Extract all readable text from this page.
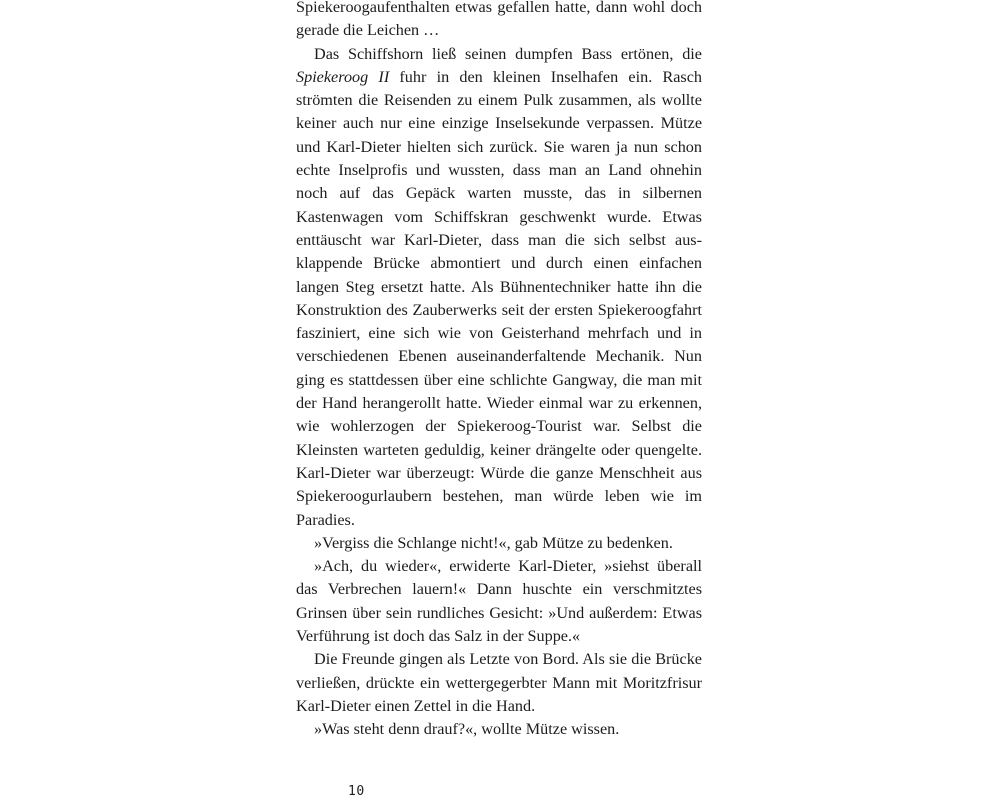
Spiekeroogaufenthalten etwas gefallen hatte, dann wohl doch gerade die Leichen …

Das Schiffshorn ließ seinen dumpfen Bass ertönen, die Spiekeroog II fuhr in den kleinen Inselhafen ein. Rasch strömten die Reisenden zu einem Pulk zusammen, als wollte keiner auch nur eine einzige Inselsekunde verpassen. Mütze und Karl-Dieter hielten sich zurück. Sie waren ja nun schon echte Inselprofis und wussten, dass man an Land ohnehin noch auf das Gepäck warten musste, das in silbernen Kastenwagen vom Schiffskran geschwenkt wurde. Etwas enttäuscht war Karl-Dieter, dass man die sich selbst ausklappende Brücke abmontiert und durch einen einfachen langen Steg ersetzt hatte. Als Bühnentechniker hatte ihn die Konstruktion des Zauberwerks seit der ersten Spiekeroogfahrt fasziniert, eine sich wie von Geisterhand mehrfach und in verschiedenen Ebenen auseinanderfaltende Mechanik. Nun ging es stattdessen über eine schlichte Gangway, die man mit der Hand herangerollt hatte. Wieder einmal war zu erkennen, wie wohlerzogen der Spiekeroog-Tourist war. Selbst die Kleinsten warteten geduldig, keiner drängelte oder quengelte. Karl-Dieter war überzeugt: Würde die ganze Menschheit aus Spiekeroogurlaubern bestehen, man würde leben wie im Paradies.

»Vergiss die Schlange nicht!«, gab Mütze zu bedenken.

»Ach, du wieder«, erwiderte Karl-Dieter, »siehst überall das Verbrechen lauern!« Dann huschte ein verschmitztes Grinsen über sein rundliches Gesicht: »Und außerdem: Etwas Verführung ist doch das Salz in der Suppe.«

Die Freunde gingen als Letzte von Bord. Als sie die Brücke verließen, drückte ein wettergegerbter Mann mit Moritzfrisur Karl-Dieter einen Zettel in die Hand.

»Was steht denn drauf?«, wollte Mütze wissen.

10
